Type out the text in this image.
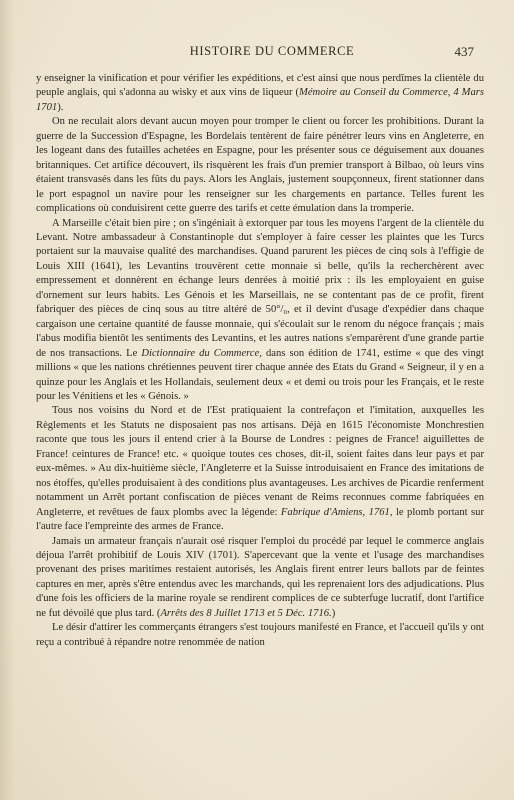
HISTOIRE DU COMMERCE	437

y enseigner la vinification et pour vérifier les expéditions, et c'est ainsi que nous perdîmes la clientèle du peuple anglais, qui s'adonna au wisky et aux vins de liqueur (Mémoire au Conseil du Commerce, 4 Mars 1701).

On ne reculait alors devant aucun moyen pour tromper le client ou forcer les prohibitions. Durant la guerre de la Succession d'Espagne, les Bordelais tentèrent de faire pénétrer leurs vins en Angleterre, en les logeant dans des futailles achetées en Espagne, pour les présenter sous ce déguisement aux douanes britanniques. Cet artifice découvert, ils risquèrent les frais d'un premier transport à Bilbao, où leurs vins étaient transvasés dans les fûts du pays. Alors les Anglais, justement soupçonneux, firent stationner dans le port espagnol un navire pour les renseigner sur les chargements en partance. Telles furent les complications où conduisirent cette guerre des tarifs et cette émulation dans la tromperie.

A Marseille c'était bien pire ; on s'ingéniait à extorquer par tous les moyens l'argent de la clientèle du Levant. Notre ambassadeur à Constantinople dut s'employer à faire cesser les plaintes que les Turcs portaient sur la mauvaise qualité des marchandises. Quand parurent les pièces de cinq sols à l'effigie de Louis XIII (1641), les Levantins trouvèrent cette monnaie si belle, qu'ils la recherchèrent avec empressement et donnèrent en échange leurs denrées à moitié prix : ils les employaient en guise d'ornement sur leurs habits. Les Génois et les Marseillais, ne se contentant pas de ce profit, firent fabriquer des pièces de cinq sous au titre altéré de 50°/₀, et il devint d'usage d'expédier dans chaque cargaison une certaine quantité de fausse monnaie, qui s'écoulait sur le renom du négoce français ; mais l'abus modifia bientôt les sentiments des Levantins, et les autres nations s'emparèrent d'une grande partie de nos transactions. Le Dictionnaire du Commerce, dans son édition de 1741, estime « que des vingt millions « que les nations chrétiennes peuvent tirer chaque année des Etats du Grand « Seigneur, il y en a quinze pour les Anglais et les Hollandais, seulement deux « et demi ou trois pour les Français, et le reste pour les Vénitiens et les « Génois. »

Tous nos voisins du Nord et de l'Est pratiquaient la contrefaçon et l'imitation, auxquelles les Règlements et les Statuts ne disposaient pas nos artisans. Déjà en 1615 l'économiste Monchrestien raconte que tous les jours il entend crier à la Bourse de Londres : peignes de France! aiguillettes de France! ceintures de France! etc. « quoique toutes ces choses, dit-il, soient faites dans leur pays et par eux-mêmes. » Au dix-huitième siècle, l'Angleterre et la Suisse introduisaient en France des imitations de nos étoffes, qu'elles produisaient à des conditions plus avantageuses. Les archives de Picardie renferment notamment un Arrêt portant confiscation de pièces venant de Reims reconnues comme fabriquées en Angleterre, et revêtues de faux plombs avec la légende: Fabrique d'Amiens, 1761, le plomb portant sur l'autre face l'empreinte des armes de France.

Jamais un armateur français n'aurait osé risquer l'emploi du procédé par lequel le commerce anglais déjoua l'arrêt prohibitif de Louis XIV (1701). S'apercevant que la vente et l'usage des marchandises provenant des prises maritimes restaient autorisés, les Anglais firent entrer leurs ballots par de feintes captures en mer, après s'être entendus avec les marchands, qui les reprenaient lors des adjudications. Plus d'une fois les officiers de la marine royale se rendirent complices de ce subterfuge lucratif, dont l'artifice ne fut dévoilé que plus tard. (Arrêts des 8 Juillet 1713 et 5 Déc. 1716.)

Le désir d'attirer les commerçants étrangers s'est toujours manifesté en France, et l'accueil qu'ils y ont reçu a contribué à répandre notre renommée de nation
